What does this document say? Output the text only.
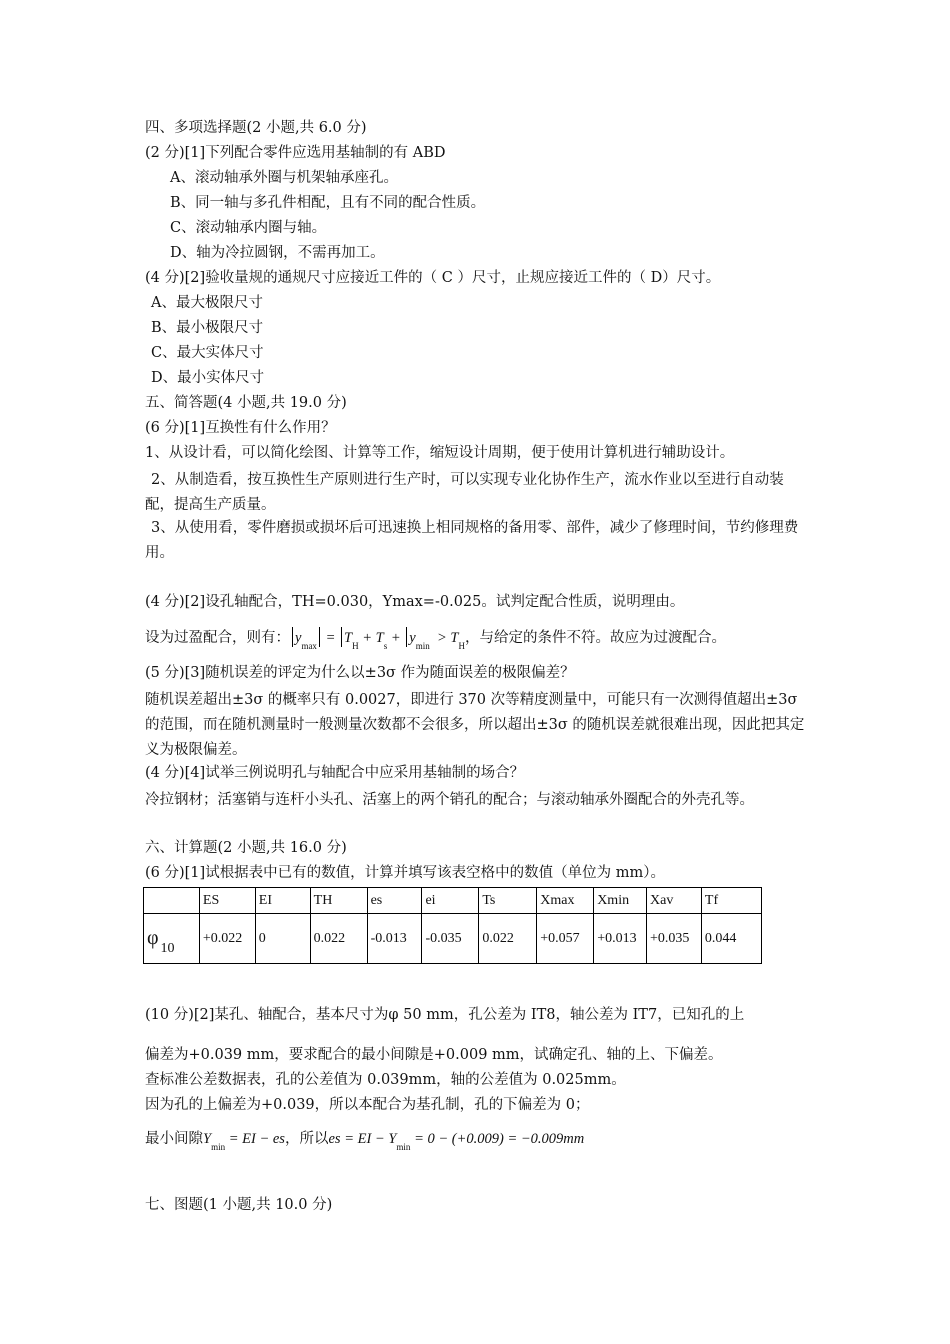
四、多项选择题(2 小题,共 6.0 分)
(2 分)[1]下列配合零件应选用基轴制的有 ABD
A、滚动轴承外圈与机架轴承座孔。
B、同一轴与多孔件相配，且有不同的配合性质。
C、滚动轴承内圈与轴。
D、轴为冷拉圆钢，不需再加工。
(4 分)[2]验收量规的通规尺寸应接近工件的（ C ）尺寸，止规应接近工件的（ D）尺寸。
A、最大极限尺寸
B、最小极限尺寸
C、最大实体尺寸
D、最小实体尺寸
五、简答题(4 小题,共 19.0 分)
(6 分)[1]互换性有什么作用？
1、从设计看，可以简化绘图、计算等工作，缩短设计周期，便于使用计算机进行辅助设计。
2、从制造看，按互换性生产原则进行生产时，可以实现专业化协作生产，流水作业以至进行自动装配，提高生产质量。
3、从使用看，零件磨损或损坏后可迅速换上相同规格的备用零、部件，减少了修理时间，节约修理费用。
(4 分)[2]设孔轴配合，TH=0.030，Ymax=-0.025。试判定配合性质，说明理由。
设为过盈配合，则有： $y_{max} = T_H + T_s + y_{min} > T_H$，与给定的条件不符。故应为过渡配合。
(5 分)[3]随机误差的评定为什么以±3σ 作为随面误差的极限偏差？
随机误差超出±3σ 的概率只有 0.0027，即进行 370 次等精度测量中，可能只有一次测得值超出±3σ 的范围，而在随机测量时一般测量次数都不会很多，所以超出±3σ 的随机误差就很难出现，因此把其定义为极限偏差。
(4 分)[4]试举三例说明孔与轴配合中应采用基轴制的场合？
冷拉钢材；活塞销与连杆小头孔、活塞上的两个销孔的配合；与滚动轴承外圈配合的外壳孔等。
六、计算题(2 小题,共 16.0 分)
(6 分)[1]试根据表中已有的数值，计算并填写该表空格中的数值（单位为 mm）。
	ES	EI	TH	es	ei	Ts	Xmax	Xmin	Xav	Tf
φ 10	+0.022	0	0.022	-0.013	-0.035	0.022	+0.057	+0.013	+0.035	0.044
(10 分)[2]某孔、轴配合，基本尺寸为φ 50 mm，孔公差为 IT8，轴公差为 IT7，已知孔的上
偏差为+0.039 mm，要求配合的最小间隙是+0.009 mm，试确定孔、轴的上、下偏差。
查标准公差数据表，孔的公差值为 0.039mm，轴的公差值为 0.025mm。
因为孔的上偏差为+0.039，所以本配合为基孔制，孔的下偏差为 0；
最小间隙$Y_{min}$ = EI − es，所以es = EI − $Y_{min} = 0 - (+0.009) = -0.009mm$
七、图题(1 小题,共 10.0 分)
